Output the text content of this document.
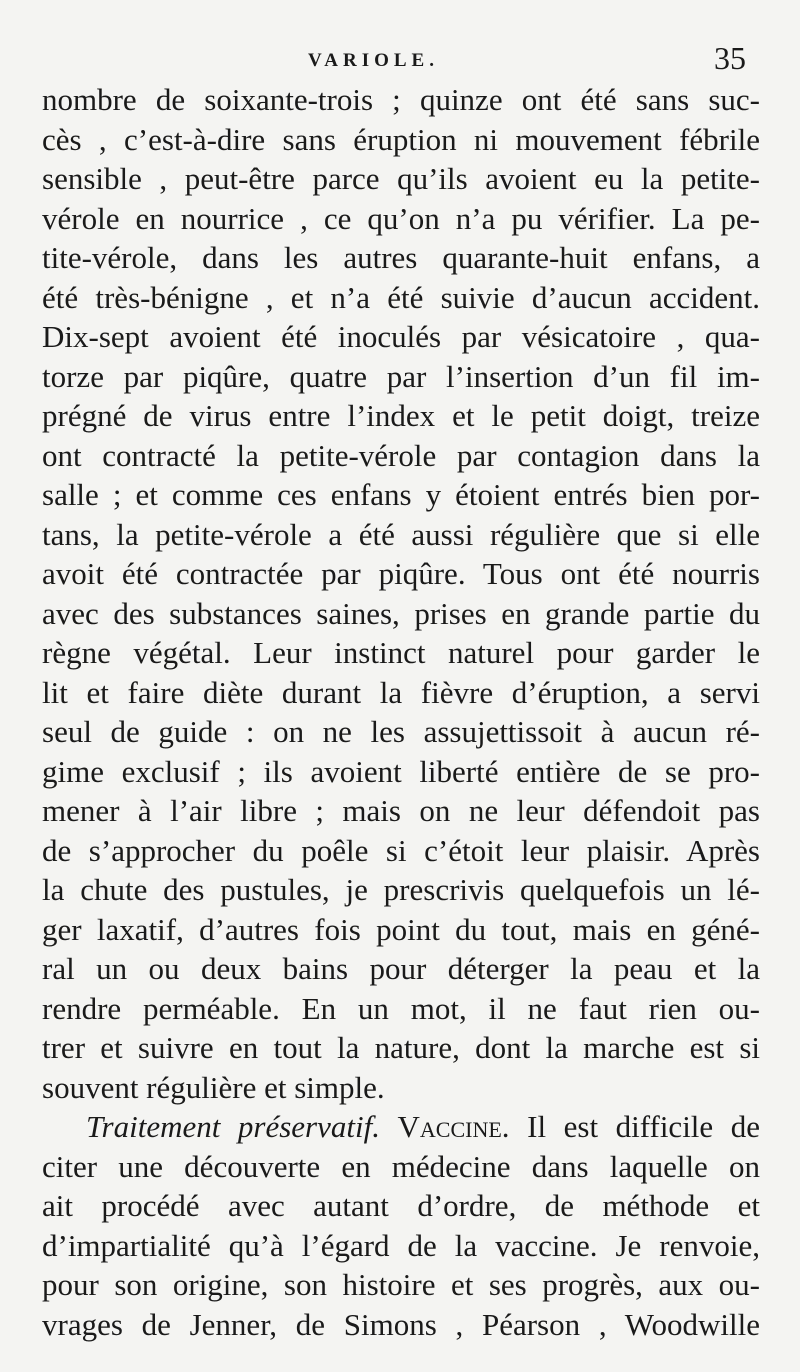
VARIOLE.	35
nombre de soixante-trois ; quinze ont été sans suc-
cès , c’est-à-dire sans éruption ni mouvement fébrile
sensible , peut-être parce qu’ils avoient eu la petite-
vérole en nourrice , ce qu’on n’a pu vérifier. La pe-
tite-vérole, dans les autres quarante-huit enfans, a
été très-bénigne , et n’a été suivie d’aucun accident.
Dix-sept avoient été inoculés par vésicatoire , qua-
torze par piqûre, quatre par l’insertion d’un fil im-
prégné de virus entre l’index et le petit doigt, treize
ont contracté la petite-vérole par contagion dans la
salle ; et comme ces enfans y étoient entrés bien por-
tans, la petite-vérole a été aussi régulière que si elle
avoit été contractée par piqûre. Tous ont été nourris
avec des substances saines, prises en grande partie du
règne végétal. Leur instinct naturel pour garder le
lit et faire diète durant la fièvre d’éruption, a servi
seul de guide : on ne les assujettissoit à aucun ré-
gime exclusif ; ils avoient liberté entière de se pro-
mener à l’air libre ; mais on ne leur défendoit pas
de s’approcher du poêle si c’étoit leur plaisir. Après
la chute des pustules, je prescrivis quelquefois un lé-
ger laxatif, d’autres fois point du tout, mais en géné-
ral un ou deux bains pour déterger la peau et la
rendre perméable. En un mot, il ne faut rien ou-
trer et suivre en tout la nature, dont la marche est si
souvent régulière et simple.
Traitement préservatif. Vaccine. Il est difficile de
citer une découverte en médecine dans laquelle on
ait procédé avec autant d’ordre, de méthode et
d’impartialité qu’à l’égard de la vaccine. Je renvoie,
pour son origine, son histoire et ses progrès, aux ou-
vrages de Jenner, de Simons , Péarson , Woodwille
